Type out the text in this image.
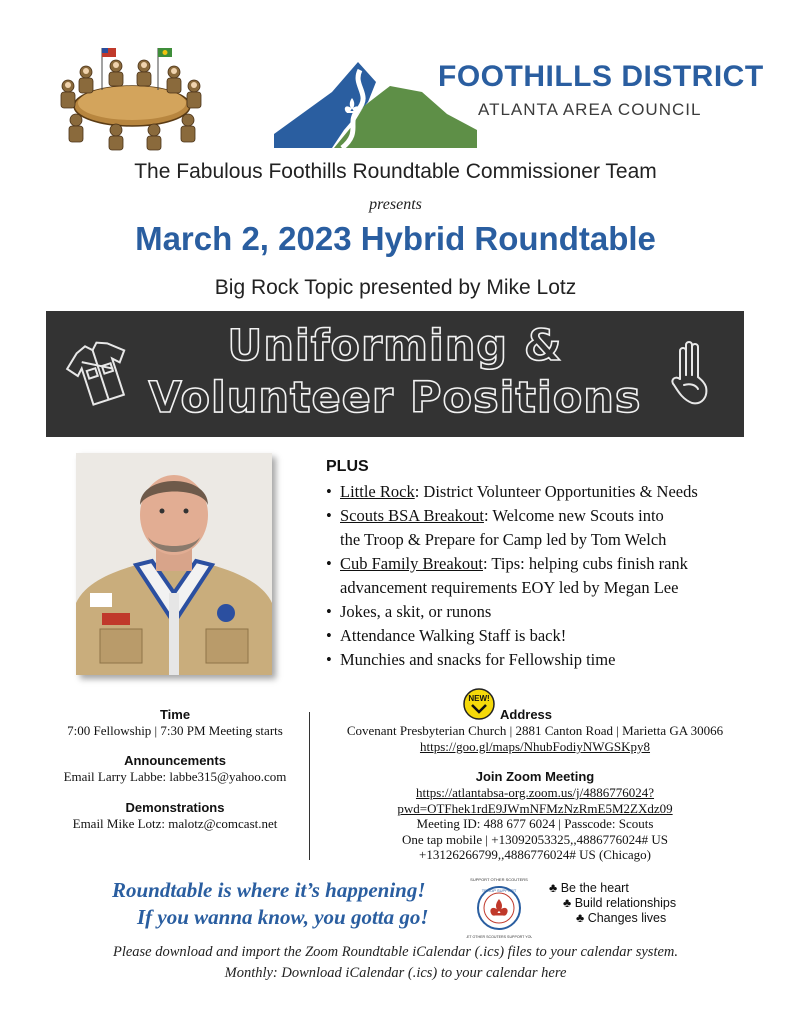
FOOTHILLS DISTRICT
ATLANTA AREA COUNCIL
The Fabulous Foothills Roundtable Commissioner Team
presents
March 2, 2023 Hybrid Roundtable
Big Rock Topic presented by Mike Lotz
Uniforming &
Volunteer Positions
PLUS
• Little Rock: District Volunteer Opportunities & Needs
• Scouts BSA Breakout: Welcome new Scouts into
the Troop & Prepare for Camp led by Tom Welch
• Cub Family Breakout: Tips: helping cubs finish rank
advancement requirements EOY led by Megan Lee
• Jokes, a skit, or runons
• Attendance Walking Staff is back!
• Munchies and snacks for Fellowship time
Time
7:00 Fellowship | 7:30 PM Meeting starts
Announcements
Email Larry Labbe: labbe315@yahoo.com
Demonstrations
Email Mike Lotz: malotz@comcast.net
NEW!
Address
Covenant Presbyterian Church | 2881 Canton Road | Marietta GA 30066
https://goo.gl/maps/NhubFodiyNWGSKpy8
Join Zoom Meeting
https://atlantabsa-org.zoom.us/j/4886776024?
pwd=OTFhek1rdE9JWmNFMzNzRmE5M2ZXdz09
Meeting ID: 488 677 6024 | Passcode: Scouts
One tap mobile | +13092053325,,4886776024# US
+13126266799,,4886776024# US (Chicago)
Roundtable is where it’s happening!
If you wanna know, you gotta go!
SUPPORT OTHER SCOUTERS
TROOP SUPPORT
LET OTHER SCOUTERS SUPPORT YOU
♣ Be the heart
♣ Build relationships
♣ Changes lives
Please download and import the Zoom Roundtable iCalendar (.ics) files to your calendar system.
Monthly: Download iCalendar (.ics) to your calendar here
